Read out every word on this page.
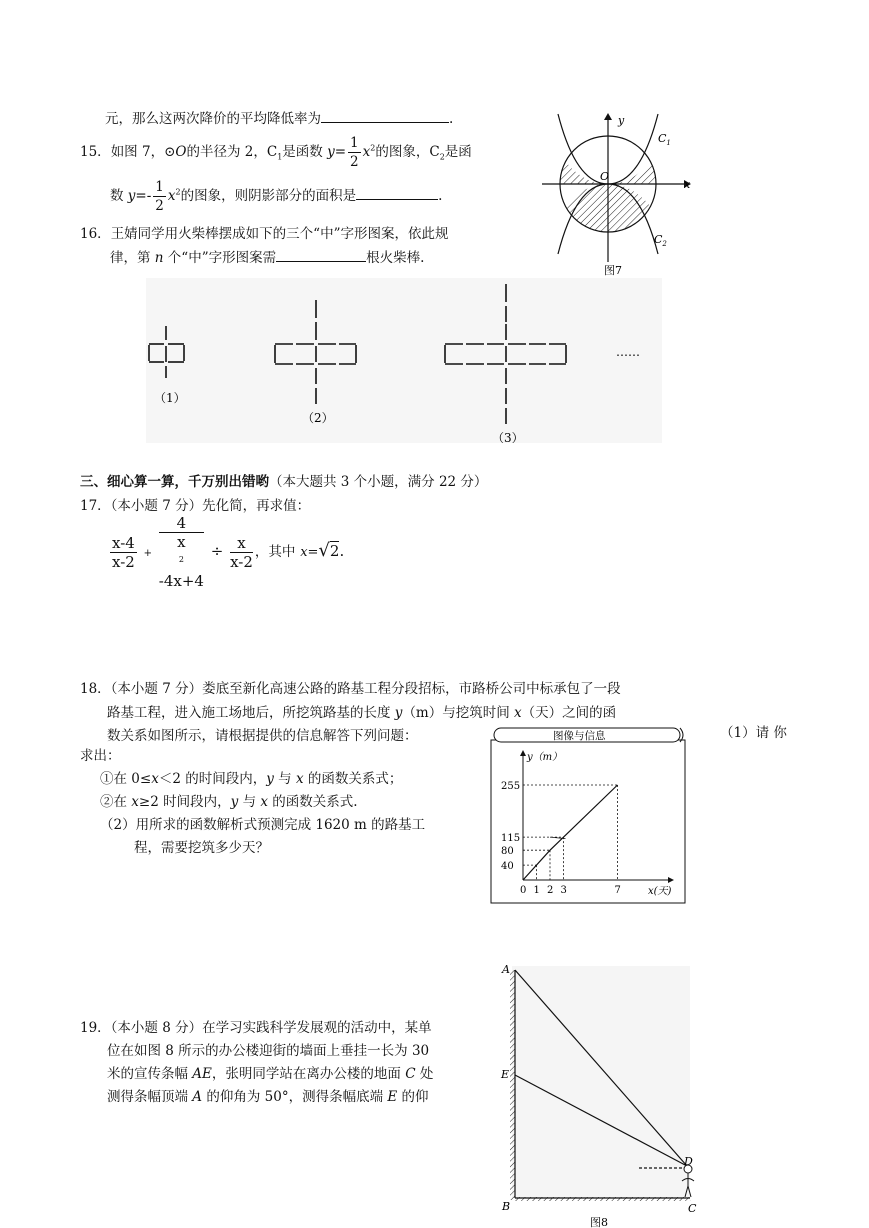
元，那么这两次降价的平均降低率为	.
15．如图 7，⊙O的半径为 2，$C_1$是函数 $y= \frac{1}{2} x^2$的图象，$C_2$是函
数 $y=- \frac{1}{2} x^2$的图象，则阴影部分的面积是	.
16．王婧同学用火柴棒摆成如下的三个“中”字形图案，依此规
律，第 n 个“中”字形图案需	根火柴棒.
y
x
O
$C_1$
$C_2$
图7
（1）
（2）
（3）
……
三、细心算一算，千万别出错哟（本大题共 3 个小题，满分 22 分）
17．（本小题 7 分）先化简，再求值：
$\frac{x-4}{x-2} + 4$
x
$^2$
$-4x+4 \div \frac{x}{x-2}$ ，其中 x=√2.
18．（本小题 7 分）娄底至新化高速公路的路基工程分段招标，市路桥公司中标承包了一段
路基工程，进入施工场地后，所挖筑路基的长度 y（m）与挖筑时间 x（天）之间的函
数关系如图所示，请根据提供的信息解答下列问题：	（1）请 你
求出：
①在 0≤x＜2 的时间段内，y 与 x 的函数关系式；
②在 x≥2 时间段内，y 与 x 的函数关系式.
（2）用所求的函数解析式预测完成 1620 m 的路基工
程，需要挖筑多少天？
图像与信息
y（m）
x(天)
255
115
80
40
0 1 2 3	7
19．（本小题 8 分）在学习实践科学发展观的活动中，某单
位在如图 8 所示的办公楼迎街的墙面上垂挂一长为 30
米的宣传条幅 AE，张明同学站在离办公楼的地面 C 处
测得条幅顶端 A 的仰角为 50°，测得条幅底端 E 的仰
A
E
B	C
D
图8
